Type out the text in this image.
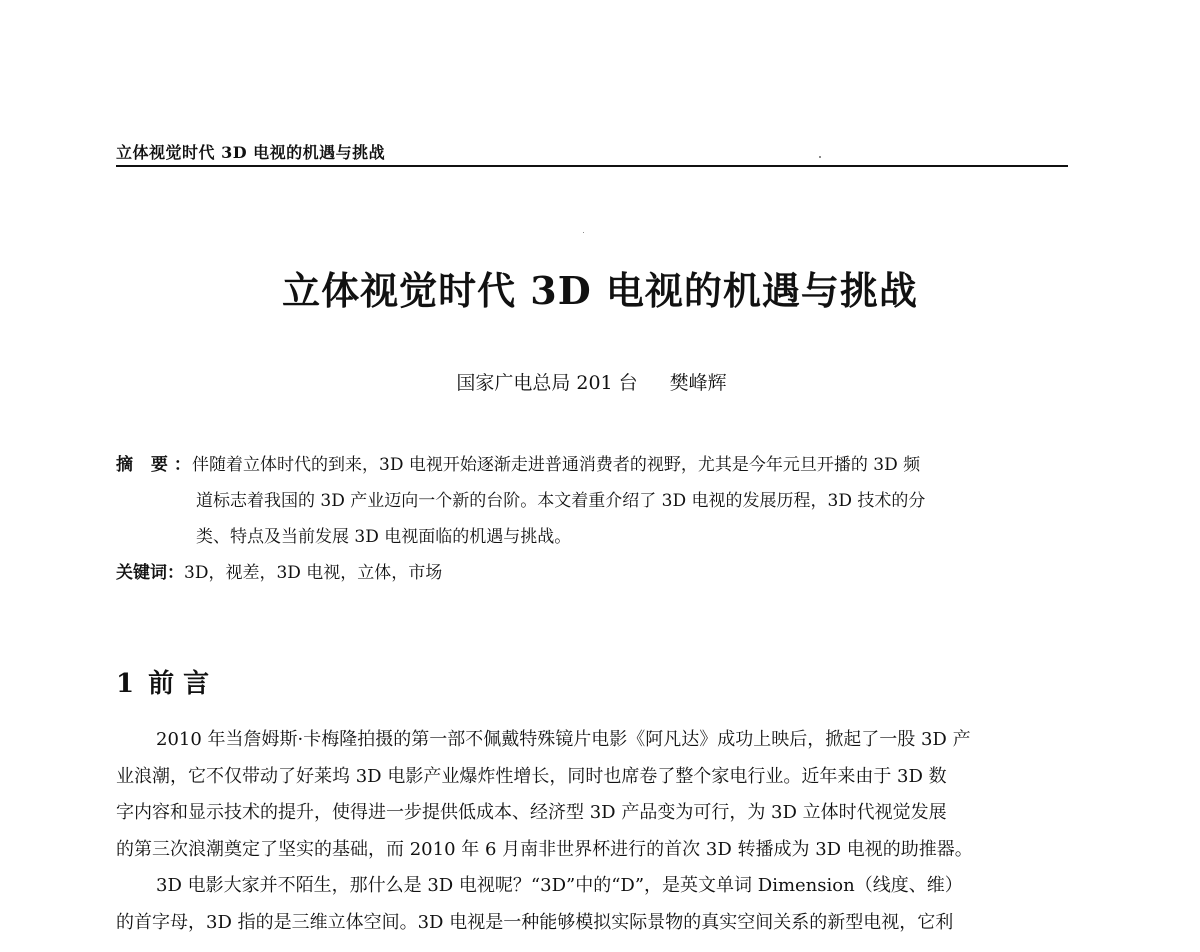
立体视觉时代 3D 电视的机遇与挑战
立体视觉时代 3D 电视的机遇与挑战
国家广电总局 201 台 樊峰辉
摘 要：
伴随着立体时代的到来，3D 电视开始逐渐走进普通消费者的视野，尤其是今年元旦开播的 3D 频
道标志着我国的 3D 产业迈向一个新的台阶。本文着重介绍了 3D 电视的发展历程，3D 技术的分
类、特点及当前发展 3D 电视面临的机遇与挑战。
关键词：3D，视差，3D 电视，立体，市场
1 前 言
2010 年当詹姆斯·卡梅隆拍摄的第一部不佩戴特殊镜片电影《阿凡达》成功上映后，掀起了一股 3D 产
业浪潮，它不仅带动了好莱坞 3D 电影产业爆炸性增长，同时也席卷了整个家电行业。近年来由于 3D 数
字内容和显示技术的提升，使得进一步提供低成本、经济型 3D 产品变为可行，为 3D 立体时代视觉发展
的第三次浪潮奠定了坚实的基础，而 2010 年 6 月南非世界杯进行的首次 3D 转播成为 3D 电视的助推器。
3D 电影大家并不陌生，那什么是 3D 电视呢？“3D”中的“D”，是英文单词 Dimension（线度、维）
的首字母，3D 指的是三维立体空间。3D 电视是一种能够模拟实际景物的真实空间关系的新型电视，它利
